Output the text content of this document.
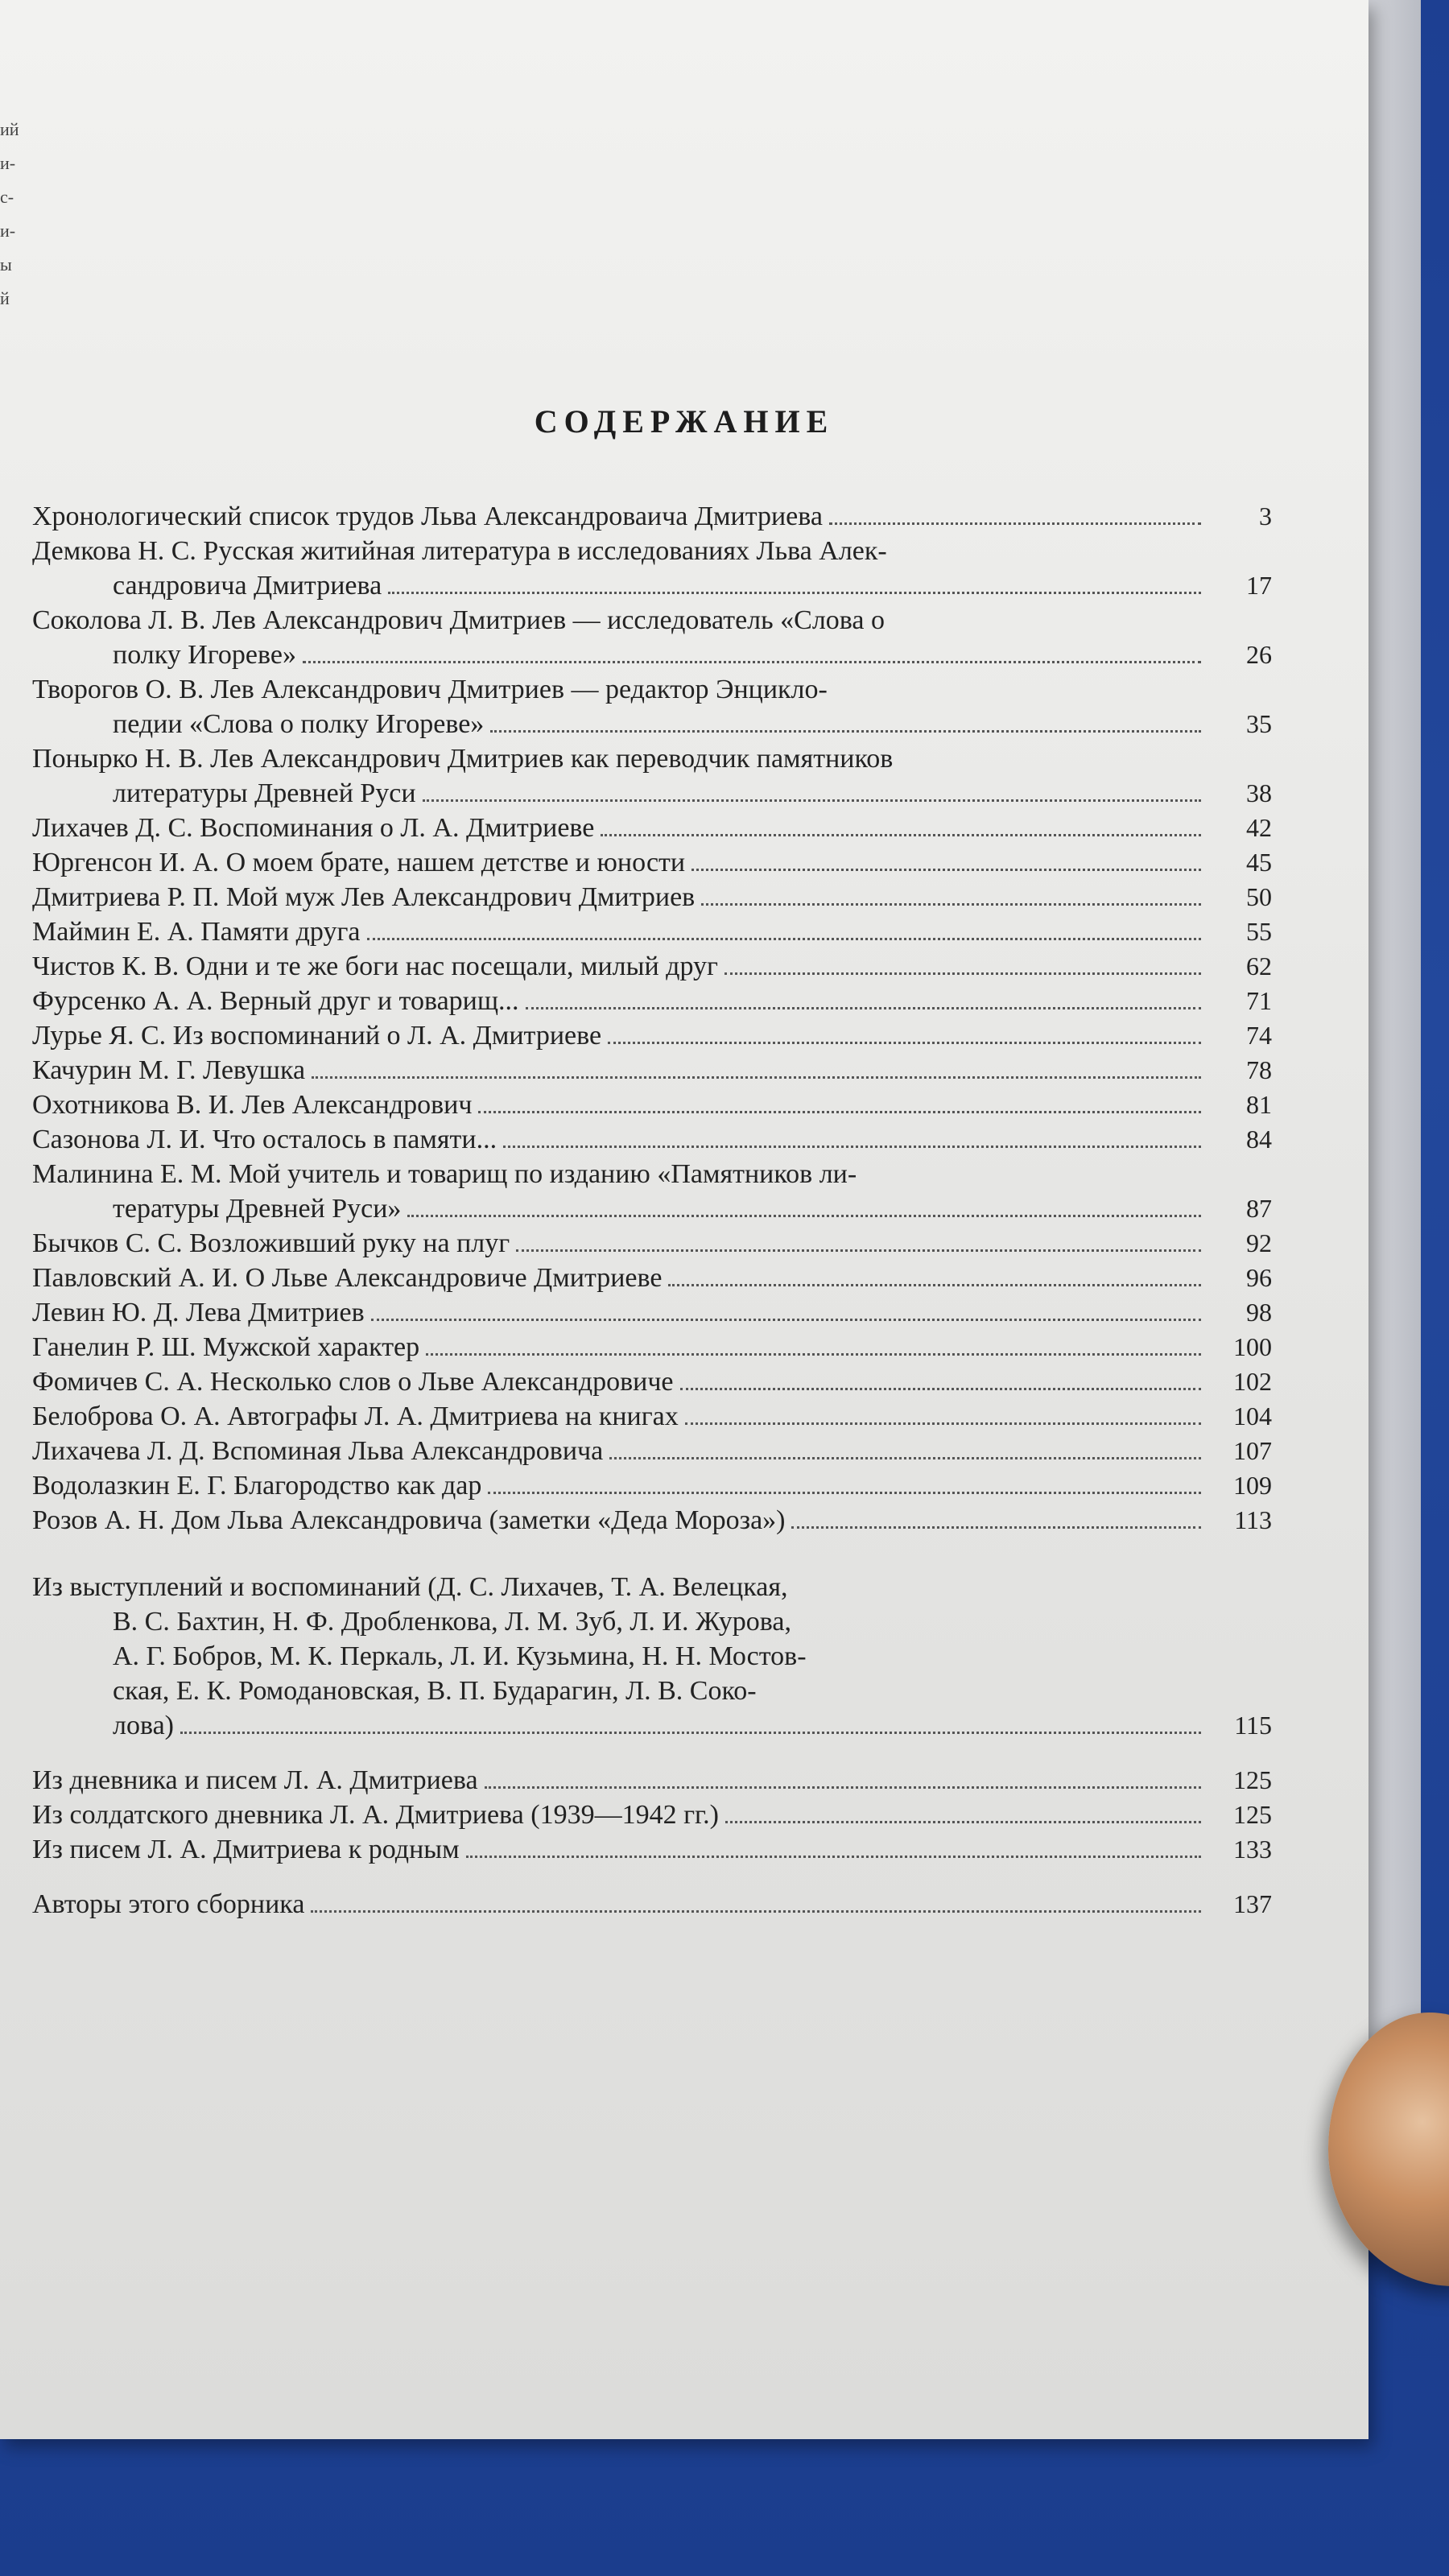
ий
и-
с-
и-
ы
й
СОДЕРЖАНИЕ
Хронологический список трудов Льва Александроваича Дмитриева	3
Демкова Н. С. Русская житийная литература в исследованиях Льва Алек-
сандровича Дмитриева	17
Соколова Л. В. Лев Александрович Дмитриев — исследователь «Слова о
полку Игореве»	26
Творогов О. В. Лев Александрович Дмитриев — редактор Энцикло-
педии «Слова о полку Игореве»	35
Понырко Н. В. Лев Александрович Дмитриев как переводчик памятников
литературы Древней Руси	38
Лихачев Д. С. Воспоминания о Л. А. Дмитриеве	42
Юргенсон И. А. О моем брате, нашем детстве и юности	45
Дмитриева Р. П. Мой муж Лев Александрович Дмитриев	50
Маймин Е. А. Памяти друга	55
Чистов К. В. Одни и те же боги нас посещали, милый друг	62
Фурсенко А. А. Верный друг и товарищ...	71
Лурье Я. С. Из воспоминаний о Л. А. Дмитриеве	74
Качурин М. Г. Левушка	78
Охотникова В. И. Лев Александрович	81
Сазонова Л. И. Что осталось в памяти...	84
Малинина Е. М. Мой учитель и товарищ по изданию «Памятников ли-
тературы Древней Руси»	87
Бычков С. С. Возложивший руку на плуг	92
Павловский А. И. О Льве Александровиче Дмитриеве	96
Левин Ю. Д. Лева Дмитриев	98
Ганелин Р. Ш. Мужской характер	100
Фомичев С. А. Несколько слов о Льве Александровиче	102
Белоброва О. А. Автографы Л. А. Дмитриева на книгах	104
Лихачева Л. Д. Вспоминая Льва Александровича	107
Водолазкин Е. Г. Благородство как дар	109
Розов А. Н. Дом Льва Александровича (заметки «Деда Мороза»)	113
Из выступлений и воспоминаний (Д. С. Лихачев, Т. А. Велецкая,
В. С. Бахтин, Н. Ф. Дробленкова, Л. М. Зуб, Л. И. Журова,
А. Г. Бобров, М. К. Перкаль, Л. И. Кузьмина, Н. Н. Мостов-
ская, Е. К. Ромодановская, В. П. Бударагин, Л. В. Соко-
лова)	115
Из дневника и писем Л. А. Дмитриева	125
Из солдатского дневника Л. А. Дмитриева (1939—1942 гг.)	125
Из писем Л. А. Дмитриева к родным	133
Авторы этого сборника	137
